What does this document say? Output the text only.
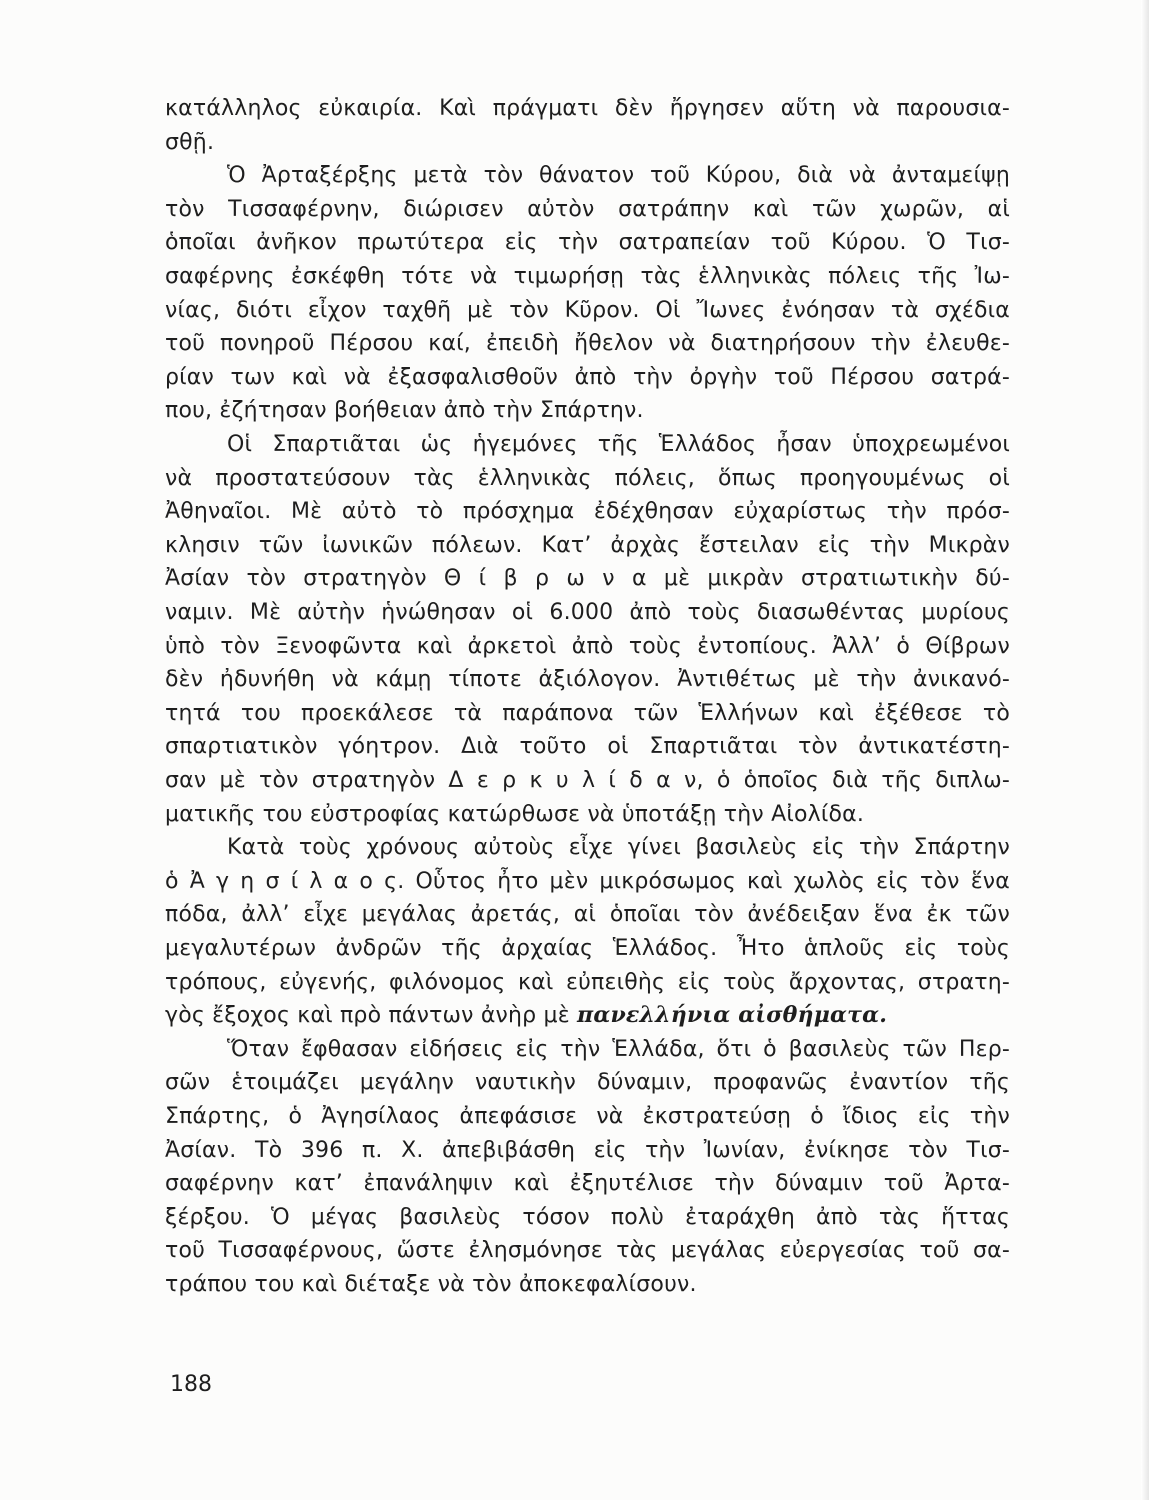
κατάλληλος εὐκαιρία. Καὶ πράγματι δὲν ἤργησεν αὕτη νὰ παρουσια-
σθῇ.
Ὁ Ἀρταξέρξης μετὰ τὸν θάνατον τοῦ Κύρου, διὰ νὰ ἀνταμείψῃ
τὸν Τισσαφέρνην, διώρισεν αὐτὸν σατράπην καὶ τῶν χωρῶν, αἱ
ὁποῖαι ἀνῆκον πρωτύτερα εἰς τὴν σατραπείαν τοῦ Κύρου. Ὁ Τισ-
σαφέρνης ἐσκέφθη τότε νὰ τιμωρήσῃ τὰς ἑλληνικὰς πόλεις τῆς Ἰω-
νίας, διότι εἶχον ταχθῆ μὲ τὸν Κῦρον. Οἱ Ἴωνες ἐνόησαν τὰ σχέδια
τοῦ πονηροῦ Πέρσου καί, ἐπειδὴ ἤθελον νὰ διατηρήσουν τὴν ἐλευθε-
ρίαν των καὶ νὰ ἐξασφαλισθοῦν ἀπὸ τὴν ὀργὴν τοῦ Πέρσου σατρά-
που, ἐζήτησαν βοήθειαν ἀπὸ τὴν Σπάρτην.
Οἱ Σπαρτιᾶται ὡς ἡγεμόνες τῆς Ἑλλάδος ἦσαν ὑποχρεωμένοι
νὰ προστατεύσουν τὰς ἑλληνικὰς πόλεις, ὅπως προηγουμένως οἱ
Ἀθηναῖοι. Μὲ αὐτὸ τὸ πρόσχημα ἐδέχθησαν εὐχαρίστως τὴν πρόσ-
κλησιν τῶν ἰωνικῶν πόλεων. Κατ’ ἀρχὰς ἔστειλαν εἰς τὴν Μικρὰν
Ἀσίαν τὸν στρατηγὸν Θ ί β ρ ω ν α μὲ μικρὰν στρατιωτικὴν δύ-
ναμιν. Μὲ αὐτὴν ἡνώθησαν οἱ 6.000 ἀπὸ τοὺς διασωθέντας μυρίους
ὑπὸ τὸν Ξενοφῶντα καὶ ἀρκετοὶ ἀπὸ τοὺς ἐντοπίους. Ἀλλ’ ὁ Θίβρων
δὲν ἠδυνήθη νὰ κάμῃ τίποτε ἀξιόλογον. Ἀντιθέτως μὲ τὴν ἀνικανό-
τητά του προεκάλεσε τὰ παράπονα τῶν Ἑλλήνων καὶ ἐξέθεσε τὸ
σπαρτιατικὸν γόητρον. Διὰ τοῦτο οἱ Σπαρτιᾶται τὸν ἀντικατέστη-
σαν μὲ τὸν στρατηγὸν Δ ε ρ κ υ λ ί δ α ν, ὁ ὁποῖος διὰ τῆς διπλω-
ματικῆς του εὐστροφίας κατώρθωσε νὰ ὑποτάξῃ τὴν Αἰολίδα.
Κατὰ τοὺς χρόνους αὐτοὺς εἶχε γίνει βασιλεὺς εἰς τὴν Σπάρτην
ὁ Ἀ γ η σ ί λ α ο ς. Οὗτος ἦτο μὲν μικρόσωμος καὶ χωλὸς εἰς τὸν ἕνα
πόδα, ἀλλ’ εἶχε μεγάλας ἀρετάς, αἱ ὁποῖαι τὸν ἀνέδειξαν ἕνα ἐκ τῶν
μεγαλυτέρων ἀνδρῶν τῆς ἀρχαίας Ἑλλάδος. Ἦτο ἁπλοῦς εἰς τοὺς
τρόπους, εὐγενής, φιλόνομος καὶ εὐπειθὴς εἰς τοὺς ἄρχοντας, στρατη-
γὸς ἔξοχος καὶ πρὸ πάντων ἀνὴρ μὲ πανελλήνια αἰσθήματα.
Ὅταν ἔφθασαν εἰδήσεις εἰς τὴν Ἑλλάδα, ὅτι ὁ βασιλεὺς τῶν Περ-
σῶν ἑτοιμάζει μεγάλην ναυτικὴν δύναμιν, προφανῶς ἐναντίον τῆς
Σπάρτης, ὁ Ἀγησίλαος ἀπεφάσισε νὰ ἐκστρατεύσῃ ὁ ἴδιος εἰς τὴν
Ἀσίαν. Τὸ 396 π. Χ. ἀπεβιβάσθη εἰς τὴν Ἰωνίαν, ἐνίκησε τὸν Τισ-
σαφέρνην κατ’ ἐπανάληψιν καὶ ἐξηυτέλισε τὴν δύναμιν τοῦ Ἀρτα-
ξέρξου. Ὁ μέγας βασιλεὺς τόσον πολὺ ἐταράχθη ἀπὸ τὰς ἥττας
τοῦ Τισσαφέρνους, ὥστε ἐλησμόνησε τὰς μεγάλας εὐεργεσίας τοῦ σα-
τράπου του καὶ διέταξε νὰ τὸν ἀποκεφαλίσουν.
188
